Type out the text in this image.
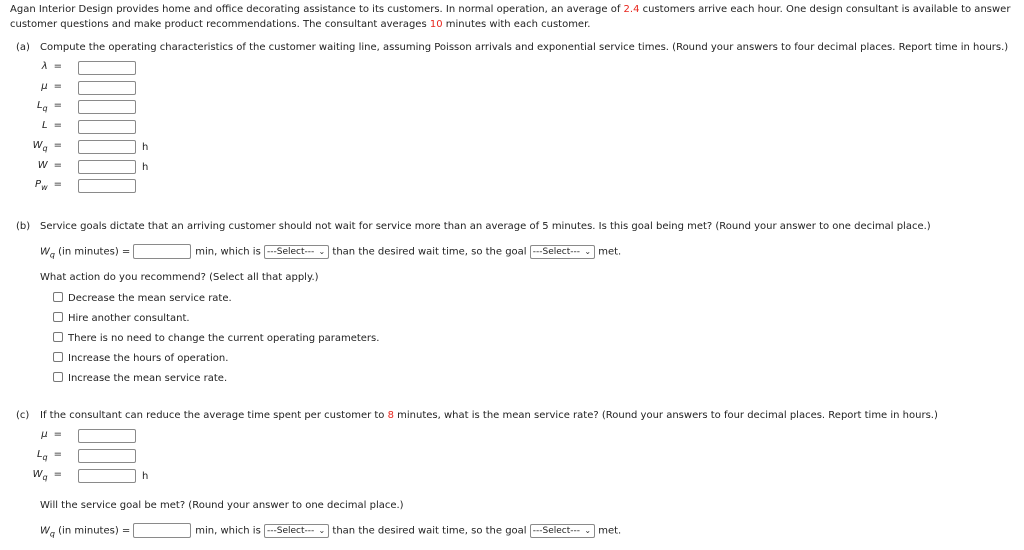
Agan Interior Design provides home and office decorating assistance to its customers. In normal operation, an average of 2.4 customers arrive each hour. One design consultant is available to answer customer questions and make product recommendations. The consultant averages 10 minutes with each customer.
(a) Compute the operating characteristics of the customer waiting line, assuming Poisson arrivals and exponential service times. (Round your answers to four decimal places. Report time in hours.)
λ =
μ =
$L_q$ =
L =
$W_q$ =	h
W =	h
$P_w$ =
(b) Service goals dictate that an arriving customer should not wait for service more than an average of 5 minutes. Is this goal being met? (Round your answer to one decimal place.)
$W_q$ (in minutes) =	min, which is ---Select--- ⌄ than the desired wait time, so the goal ---Select--- ⌄ met.
What action do you recommend? (Select all that apply.)
Decrease the mean service rate.
Hire another consultant.
There is no need to change the current operating parameters.
Increase the hours of operation.
Increase the mean service rate.
(c) If the consultant can reduce the average time spent per customer to 8 minutes, what is the mean service rate? (Round your answers to four decimal places. Report time in hours.)
μ =
$L_q$ =
$W_q$ =	h
Will the service goal be met? (Round your answer to one decimal place.)
$W_q$ (in minutes) =	min, which is ---Select--- ⌄ than the desired wait time, so the goal ---Select--- ⌄ met.
